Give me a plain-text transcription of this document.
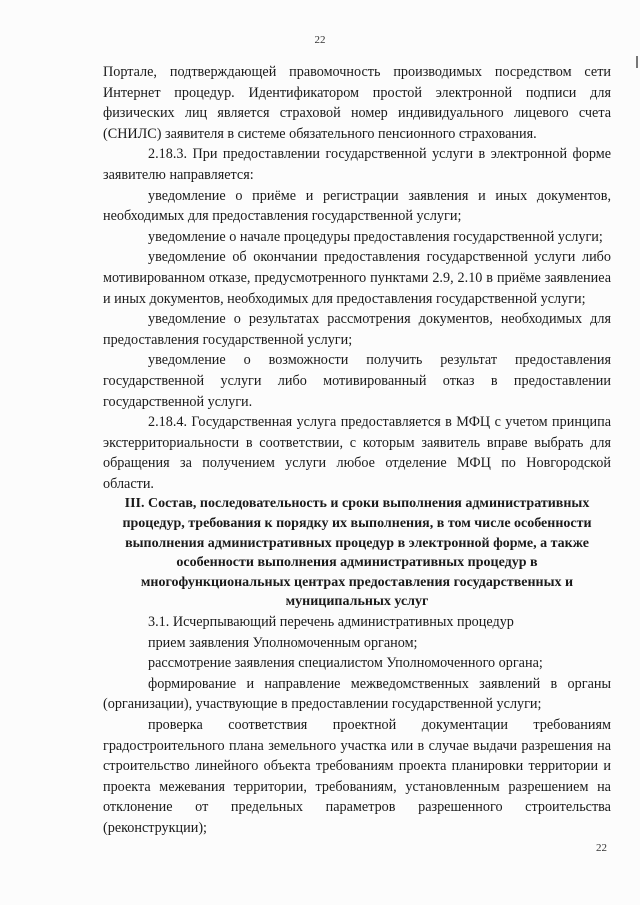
22

Портале, подтверждающей правомочность производимых посредством сети Интернет процедур. Идентификатором простой электронной подписи для физических лиц является страховой номер индивидуального лицевого счета (СНИЛС) заявителя в системе обязательного пенсионного страхования.

2.18.3. При предоставлении государственной услуги в электронной форме заявителю направляется:

уведомление о приёме и регистрации заявления и иных документов, необходимых для предоставления государственной услуги;

уведомление о начале процедуры предоставления государственной услуги;

уведомление об окончании предоставления государственной услуги либо мотивированном отказе, предусмотренного пунктами 2.9, 2.10 в приёме заявлениеа и иных документов, необходимых для предоставления государственной услуги;

уведомление о результатах рассмотрения документов, необходимых для предоставления государственной услуги;

уведомление о возможности получить результат предоставления государственной услуги либо мотивированный отказ в предоставлении государственной услуги.

2.18.4. Государственная услуга предоставляется в МФЦ с учетом принципа экстерриториальности в соответствии, с которым заявитель вправе выбрать для обращения за получением услуги любое отделение МФЦ по Новгородской области.

III. Состав, последовательность и сроки выполнения административных процедур, требования к порядку их выполнения, в том числе особенности выполнения административных процедур в электронной форме, а также особенности выполнения административных процедур в многофункциональных центрах предоставления государственных и муниципальных услуг

3.1. Исчерпывающий перечень административных процедур

прием заявления Уполномоченным органом;

рассмотрение заявления специалистом Уполномоченного органа;

формирование и направление межведомственных заявлений в органы (организации), участвующие в предоставлении государственной услуги;

проверка соответствия проектной документации требованиям градостроительного плана земельного участка или в случае выдачи разрешения на строительство линейного объекта требованиям проекта планировки территории и проекта межевания территории, требованиям, установленным разрешением на отклонение от предельных параметров разрешенного строительства (реконструкции);

22
